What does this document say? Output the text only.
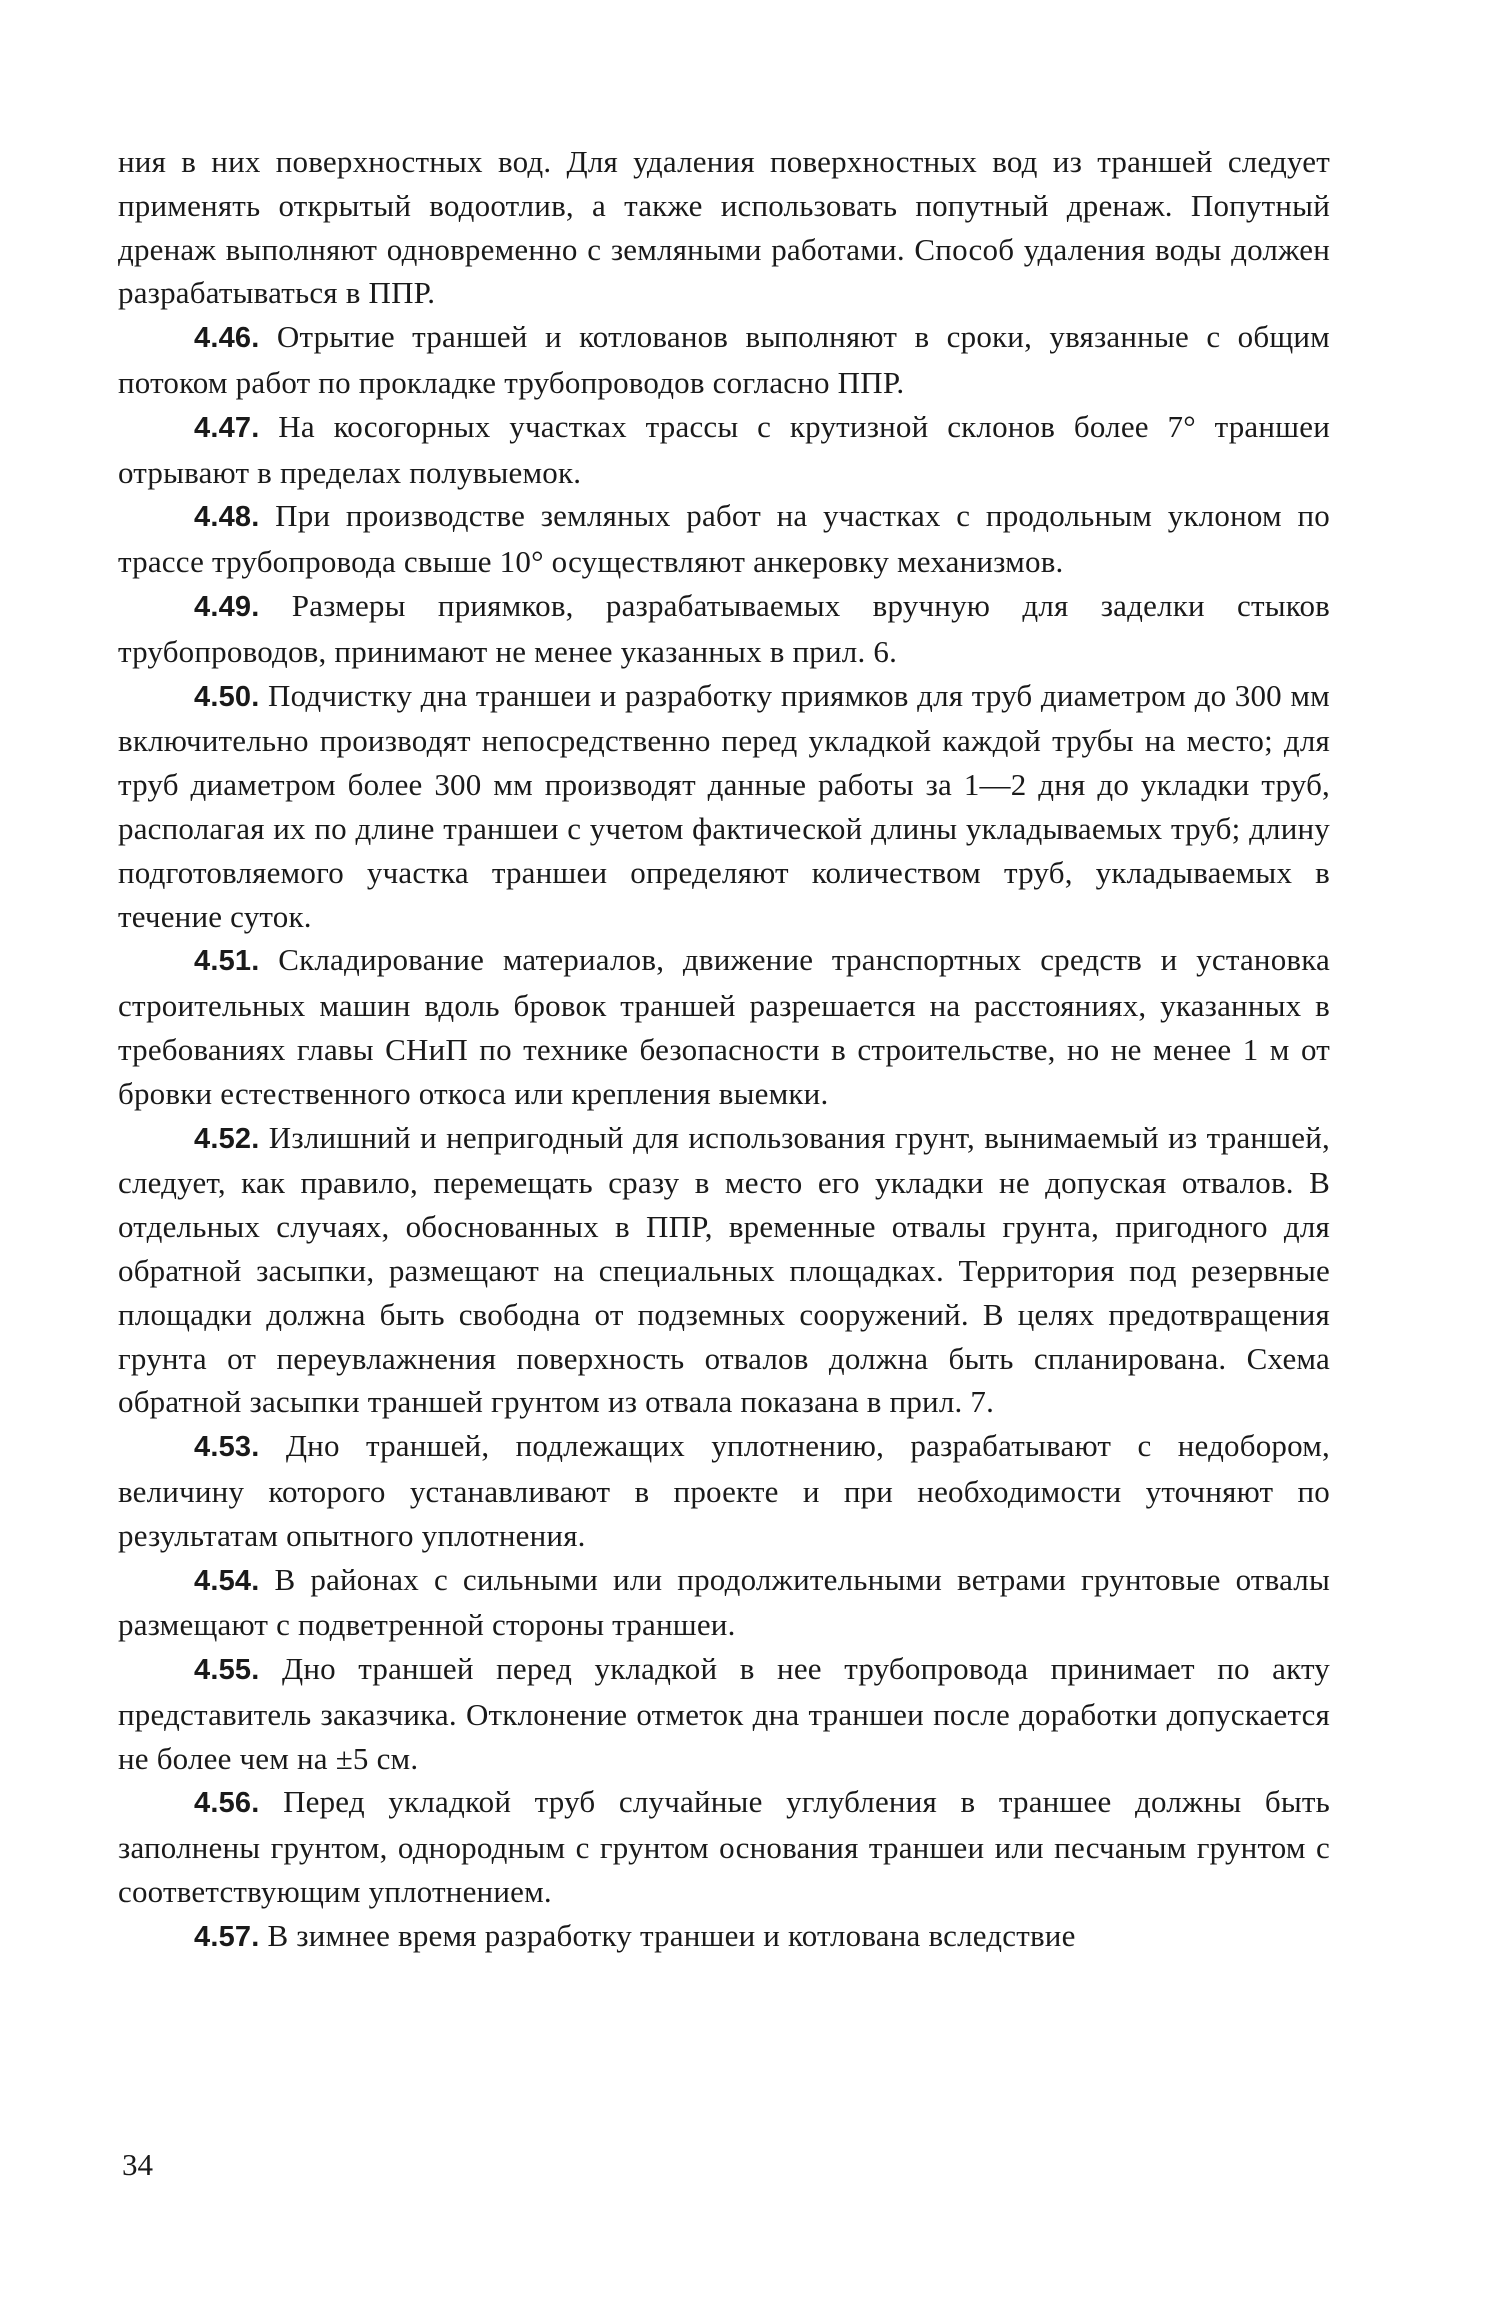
ния в них поверхностных вод. Для удаления поверхностных вод из траншей следует применять открытый водоотлив, а также использовать попутный дренаж. Попутный дренаж выполняют одновременно с земляными работами. Способ удаления воды должен разрабатываться в ППР.

4.46. Отрытие траншей и котлованов выполняют в сроки, увязанные с общим потоком работ по прокладке трубопроводов согласно ППР.

4.47. На косогорных участках трассы с крутизной склонов более 7° траншеи отрывают в пределах полувыемок.

4.48. При производстве земляных работ на участках с продольным уклоном по трассе трубопровода свыше 10° осуществляют анкеровку механизмов.

4.49. Размеры приямков, разрабатываемых вручную для заделки стыков трубопроводов, принимают не менее указанных в прил. 6.

4.50. Подчистку дна траншеи и разработку приямков для труб диаметром до 300 мм включительно производят непосредственно перед укладкой каждой трубы на место; для труб диаметром более 300 мм производят данные работы за 1—2 дня до укладки труб, располагая их по длине траншеи с учетом фактической длины укладываемых труб; длину подготовляемого участка траншеи определяют количеством труб, укладываемых в течение суток.

4.51. Складирование материалов, движение транспортных средств и установка строительных машин вдоль бровок траншей разрешается на расстояниях, указанных в требованиях главы СНиП по технике безопасности в строительстве, но не менее 1 м от бровки естественного откоса или крепления выемки.

4.52. Излишний и непригодный для использования грунт, вынимаемый из траншей, следует, как правило, перемещать сразу в место его укладки не допуская отвалов. В отдельных случаях, обоснованных в ППР, временные отвалы грунта, пригодного для обратной засыпки, размещают на специальных площадках. Территория под резервные площадки должна быть свободна от подземных сооружений. В целях предотвращения грунта от переувлажнения поверхность отвалов должна быть спланирована. Схема обратной засыпки траншей грунтом из отвала показана в прил. 7.

4.53. Дно траншей, подлежащих уплотнению, разрабатывают с недобором, величину которого устанавливают в проекте и при необходимости уточняют по результатам опытного уплотнения.

4.54. В районах с сильными или продолжительными ветрами грунтовые отвалы размещают с подветренной стороны траншеи.

4.55. Дно траншей перед укладкой в нее трубопровода принимает по акту представитель заказчика. Отклонение отметок дна траншеи после доработки допускается не более чем на ±5 см.

4.56. Перед укладкой труб случайные углубления в траншее должны быть заполнены грунтом, однородным с грунтом основания траншеи или песчаным грунтом с соответствующим уплотнением.

4.57. В зимнее время разработку траншеи и котлована вследствие

34
